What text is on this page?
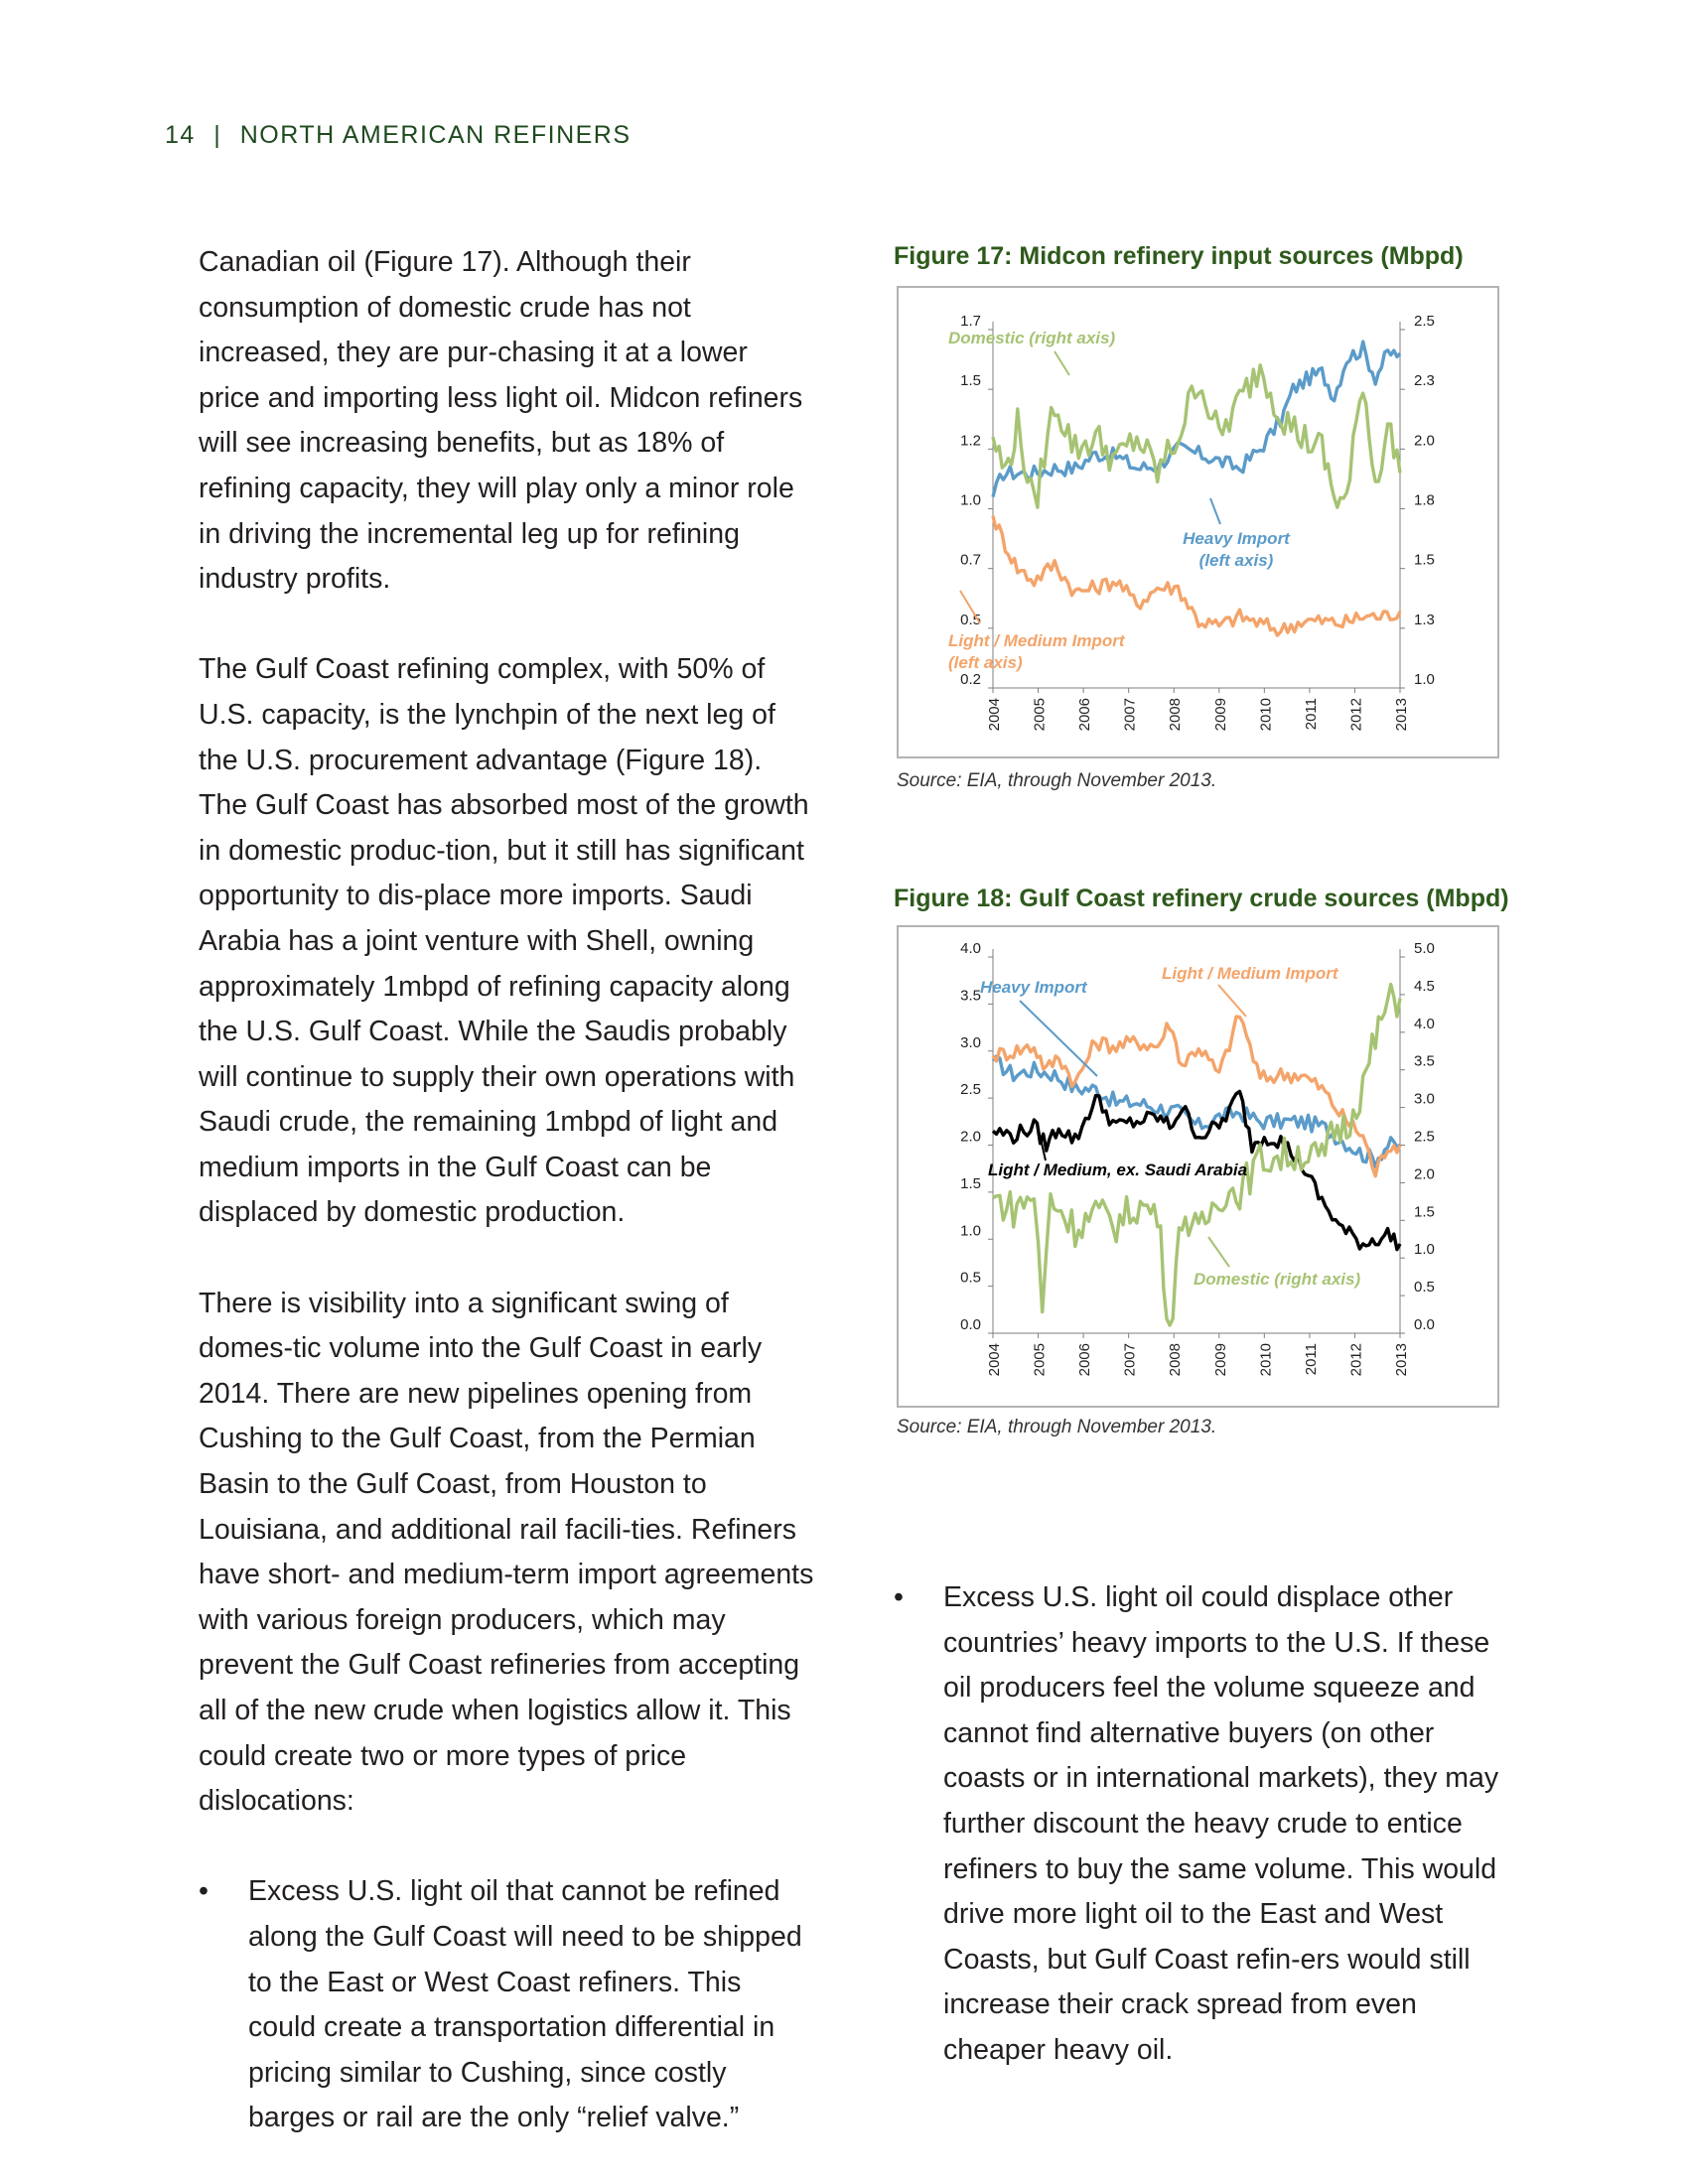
14 | NORTH AMERICAN REFINERS

Canadian oil (Figure 17). Although their consumption of domestic crude has not increased, they are pur-chasing it at a lower price and importing less light oil. Midcon refiners will see increasing benefits, but as 18% of refining capacity, they will play only a minor role in driving the incremental leg up for refining industry profits.

The Gulf Coast refining complex, with 50% of U.S. capacity, is the lynchpin of the next leg of the U.S. procurement advantage (Figure 18). The Gulf Coast has absorbed most of the growth in domestic produc-tion, but it still has significant opportunity to dis-place more imports. Saudi Arabia has a joint venture with Shell, owning approximately 1mbpd of refining capacity along the U.S. Gulf Coast. While the Saudis probably will continue to supply their own operations with Saudi crude, the remaining 1mbpd of light and medium imports in the Gulf Coast can be displaced by domestic production.

There is visibility into a significant swing of domes-tic volume into the Gulf Coast in early 2014. There are new pipelines opening from Cushing to the Gulf Coast, from the Permian Basin to the Gulf Coast, from Houston to Louisiana, and additional rail facili-ties. Refiners have short- and medium-term import agreements with various foreign producers, which may prevent the Gulf Coast refineries from accepting all of the new crude when logistics allow it. This could create two or more types of price dislocations:

• Excess U.S. light oil that cannot be refined along the Gulf Coast will need to be shipped to the East or West Coast refiners. This could create a transportation differential in pricing similar to Cushing, since costly barges or rail are the only “relief valve.”

Figure 17: Midcon refinery input sources (Mbpd)
1.7
1.5
1.2
1.0
0.7
0.5
0.2
2.5
2.3
2.0
1.8
1.5
1.3
1.0
2004 2005 2006 2007 2008 2009 2010 2011 2012 2013
Domestic (right axis)
Heavy Import
(left axis)
Light / Medium Import
(left axis)
Source: EIA, through November 2013.
Figure 18: Gulf Coast refinery crude sources (Mbpd)
4.0
3.5
3.0
2.5
2.0
1.5
1.0
0.5
0.0
5.0
4.5
4.0
3.5
3.0
2.5
2.0
1.5
1.0
0.5
0.0
2004 2005 2006 2007 2008 2009 2010 2011 2012 2013
Heavy Import
Light / Medium Import
Light / Medium, ex. Saudi Arabia
Domestic (right axis)
Source: EIA, through November 2013.

• Excess U.S. light oil could displace other countries’ heavy imports to the U.S. If these oil producers feel the volume squeeze and cannot find alternative buyers (on other coasts or in international markets), they may further discount the heavy crude to entice refiners to buy the same volume. This would drive more light oil to the East and West Coasts, but Gulf Coast refin-ers would still increase their crack spread from even cheaper heavy oil.
